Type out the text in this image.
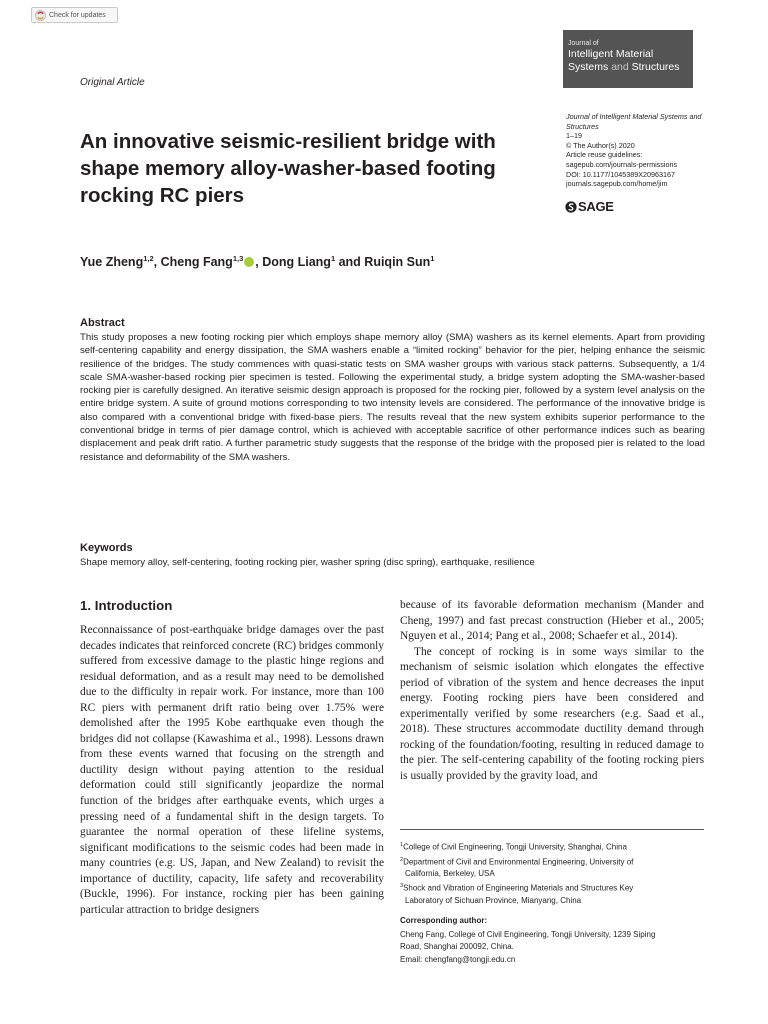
Check for updates
Journal of
Intelligent Material
Systems and Structures
Original Article
An innovative seismic-resilient bridge with shape memory alloy-washer-based footing rocking RC piers
Journal of Intelligent Material Systems and Structures
1–19
© The Author(s) 2020
Article reuse guidelines:
sagepub.com/journals-permissions
DOI: 10.1177/1045389X20963167
journals.sagepub.com/home/jim
SAGE
Yue Zheng$^{1,2}$, Cheng Fang$^{1,3}$ , Dong Liang$^1$ and Ruiqin Sun$^1$
Abstract

This study proposes a new footing rocking pier which employs shape memory alloy (SMA) washers as its kernel elements. Apart from providing self-centering capability and energy dissipation, the SMA washers enable a “limited rocking” behavior for the pier, helping enhance the seismic resilience of the bridges. The study commences with quasi-static tests on SMA washer groups with various stack patterns. Subsequently, a 1/4 scale SMA-washer-based rocking pier specimen is tested. Following the experimental study, a bridge system adopting the SMA-washer-based rocking pier is carefully designed. An iterative seismic design approach is proposed for the rocking pier, followed by a system level analysis on the entire bridge system. A suite of ground motions corresponding to two intensity levels are considered. The performance of the innovative bridge is also compared with a conventional bridge with fixed-base piers. The results reveal that the new system exhibits superior performance to the conventional bridge in terms of pier damage control, which is achieved with acceptable sacrifice of other performance indices such as bearing displacement and peak drift ratio. A further parametric study suggests that the response of the bridge with the proposed pier is related to the load resistance and deformability of the SMA washers.

Keywords
Shape memory alloy, self-centering, footing rocking pier, washer spring (disc spring), earthquake, resilience
1. Introduction

Reconnaissance of post-earthquake bridge damages over the past decades indicates that reinforced concrete (RC) bridges commonly suffered from excessive damage to the plastic hinge regions and residual deformation, and as a result may need to be demolished due to the difficulty in repair work. For instance, more than 100 RC piers with permanent drift ratio being over 1.75% were demolished after the 1995 Kobe earthquake even though the bridges did not collapse (Kawashima et al., 1998). Lessons drawn from these events warned that focusing on the strength and ductility design without paying attention to the residual deformation could still significantly jeopardize the normal function of the bridges after earthquake events, which urges a pressing need of a fundamental shift in the design targets. To guarantee the normal operation of these lifeline systems, significant modifications to the seismic codes had been made in many countries (e.g. US, Japan, and New Zealand) to revisit the importance of ductility, capacity, life safety and recoverability (Buckle, 1996). For instance, rocking pier has been gaining particular attraction to bridge designers

because of its favorable deformation mechanism (Mander and Cheng, 1997) and fast precast construction (Hieber et al., 2005; Nguyen et al., 2014; Pang et al., 2008; Schaefer et al., 2014).

The concept of rocking is in some ways similar to the mechanism of seismic isolation which elongates the effective period of vibration of the system and hence decreases the input energy. Footing rocking piers have been considered and experimentally verified by some researchers (e.g. Saad et al., 2018). These structures accommodate ductility demand through rocking of the foundation/footing, resulting in reduced damage to the pier. The self-centering capability of the footing rocking piers is usually provided by the gravity load, and

$^1$College of Civil Engineering, Tongji University, Shanghai, China
$^2$Department of Civil and Environmental Engineering, University of
California, Berkeley, USA
$^3$Shock and Vibration of Engineering Materials and Structures Key
Laboratory of Sichuan Province, Mianyang, China
Corresponding author:
Cheng Fang, College of Civil Engineering, Tongji University, 1239 Siping
Road, Shanghai 200092, China.
Email: chengfang@tongji.edu.cn
